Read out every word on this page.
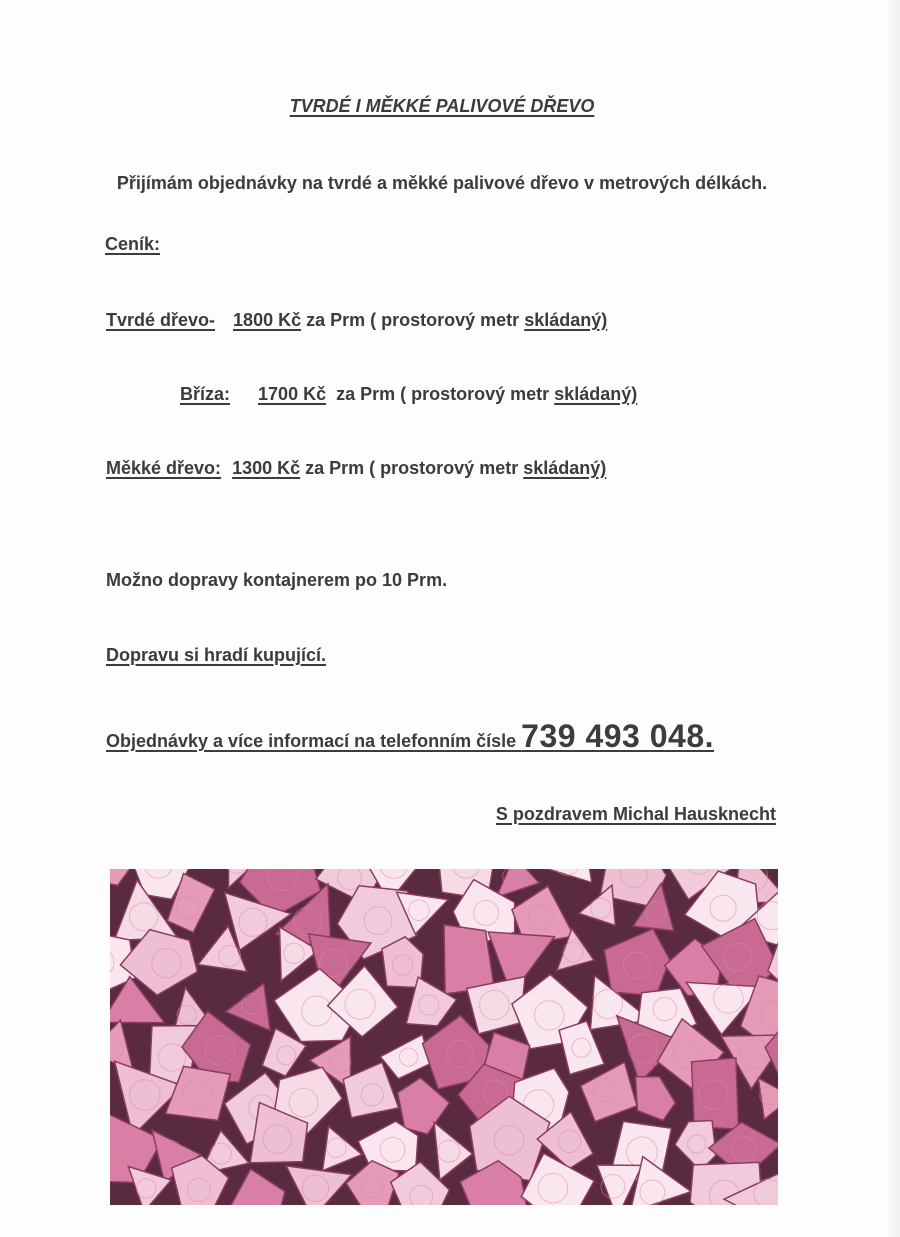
TVRDÉ I MĚKKÉ PALIVOVÉ DŘEVO
Přijímám objednávky na tvrdé a měkké palivové dřevo v metrových délkách.
Ceník:
Tvrdé dřevo- 1800 Kč za Prm ( prostorový metr skládaný)
Bříza: 1700 Kč za Prm ( prostorový metr skládaný)
Měkké dřevo: 1300 Kč za Prm ( prostorový metr skládaný)
Možno dopravy kontajnerem po 10 Prm.
Dopravu si hradí kupující.
Objednávky a více informací na telefonním čísle 739 493 048.
S pozdravem Michal Hausknecht
